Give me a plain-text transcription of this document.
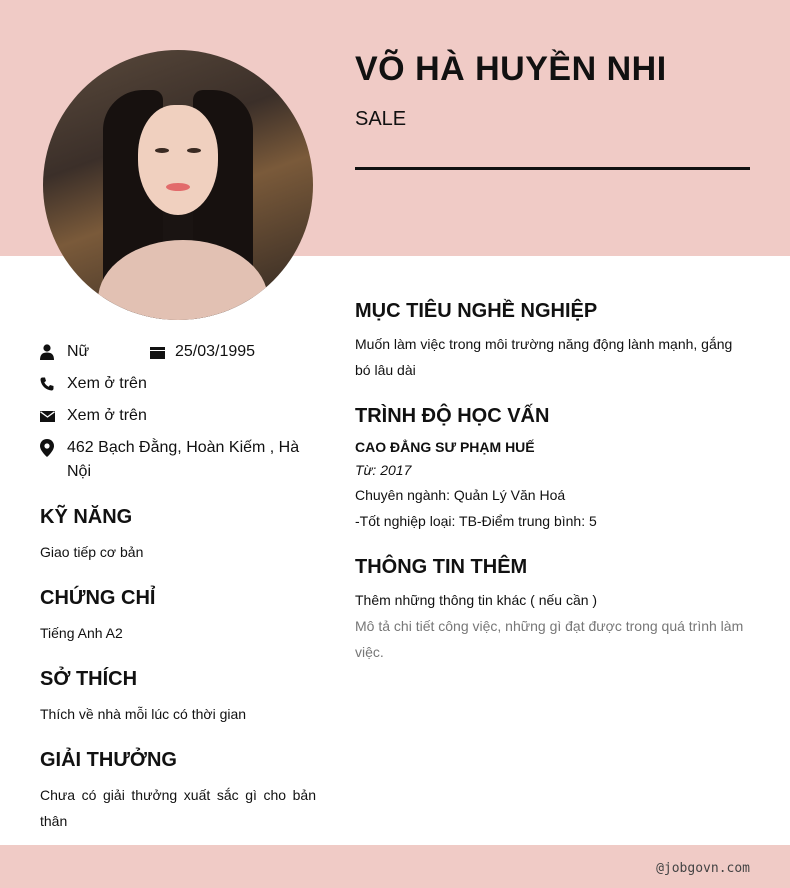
VÕ HÀ HUYỀN NHI
SALE
Nữ	25/03/1995
Xem ở trên
Xem ở trên
462 Bạch Đằng, Hoàn Kiếm , Hà Nội
KỸ NĂNG
Giao tiếp cơ bản
CHỨNG CHỈ
Tiếng Anh A2
SỞ THÍCH
Thích về nhà mỗi lúc có thời gian
GIẢI THƯỞNG
Chưa có giải thưởng xuất sắc gì cho bản thân
MỤC TIÊU NGHỀ NGHIỆP
Muốn làm việc trong môi trường năng động lành mạnh, gắng bó lâu dài
TRÌNH ĐỘ HỌC VẤN
CAO ĐẲNG SƯ PHẠM HUẾ
Từ: 2017
Chuyên ngành: Quản Lý Văn Hoá
-Tốt nghiệp loại: TB-Điểm trung bình: 5
THÔNG TIN THÊM
Thêm những thông tin khác ( nếu cần )
Mô tả chi tiết công việc, những gì đạt được trong quá trình làm việc.
@jobgovn.com
